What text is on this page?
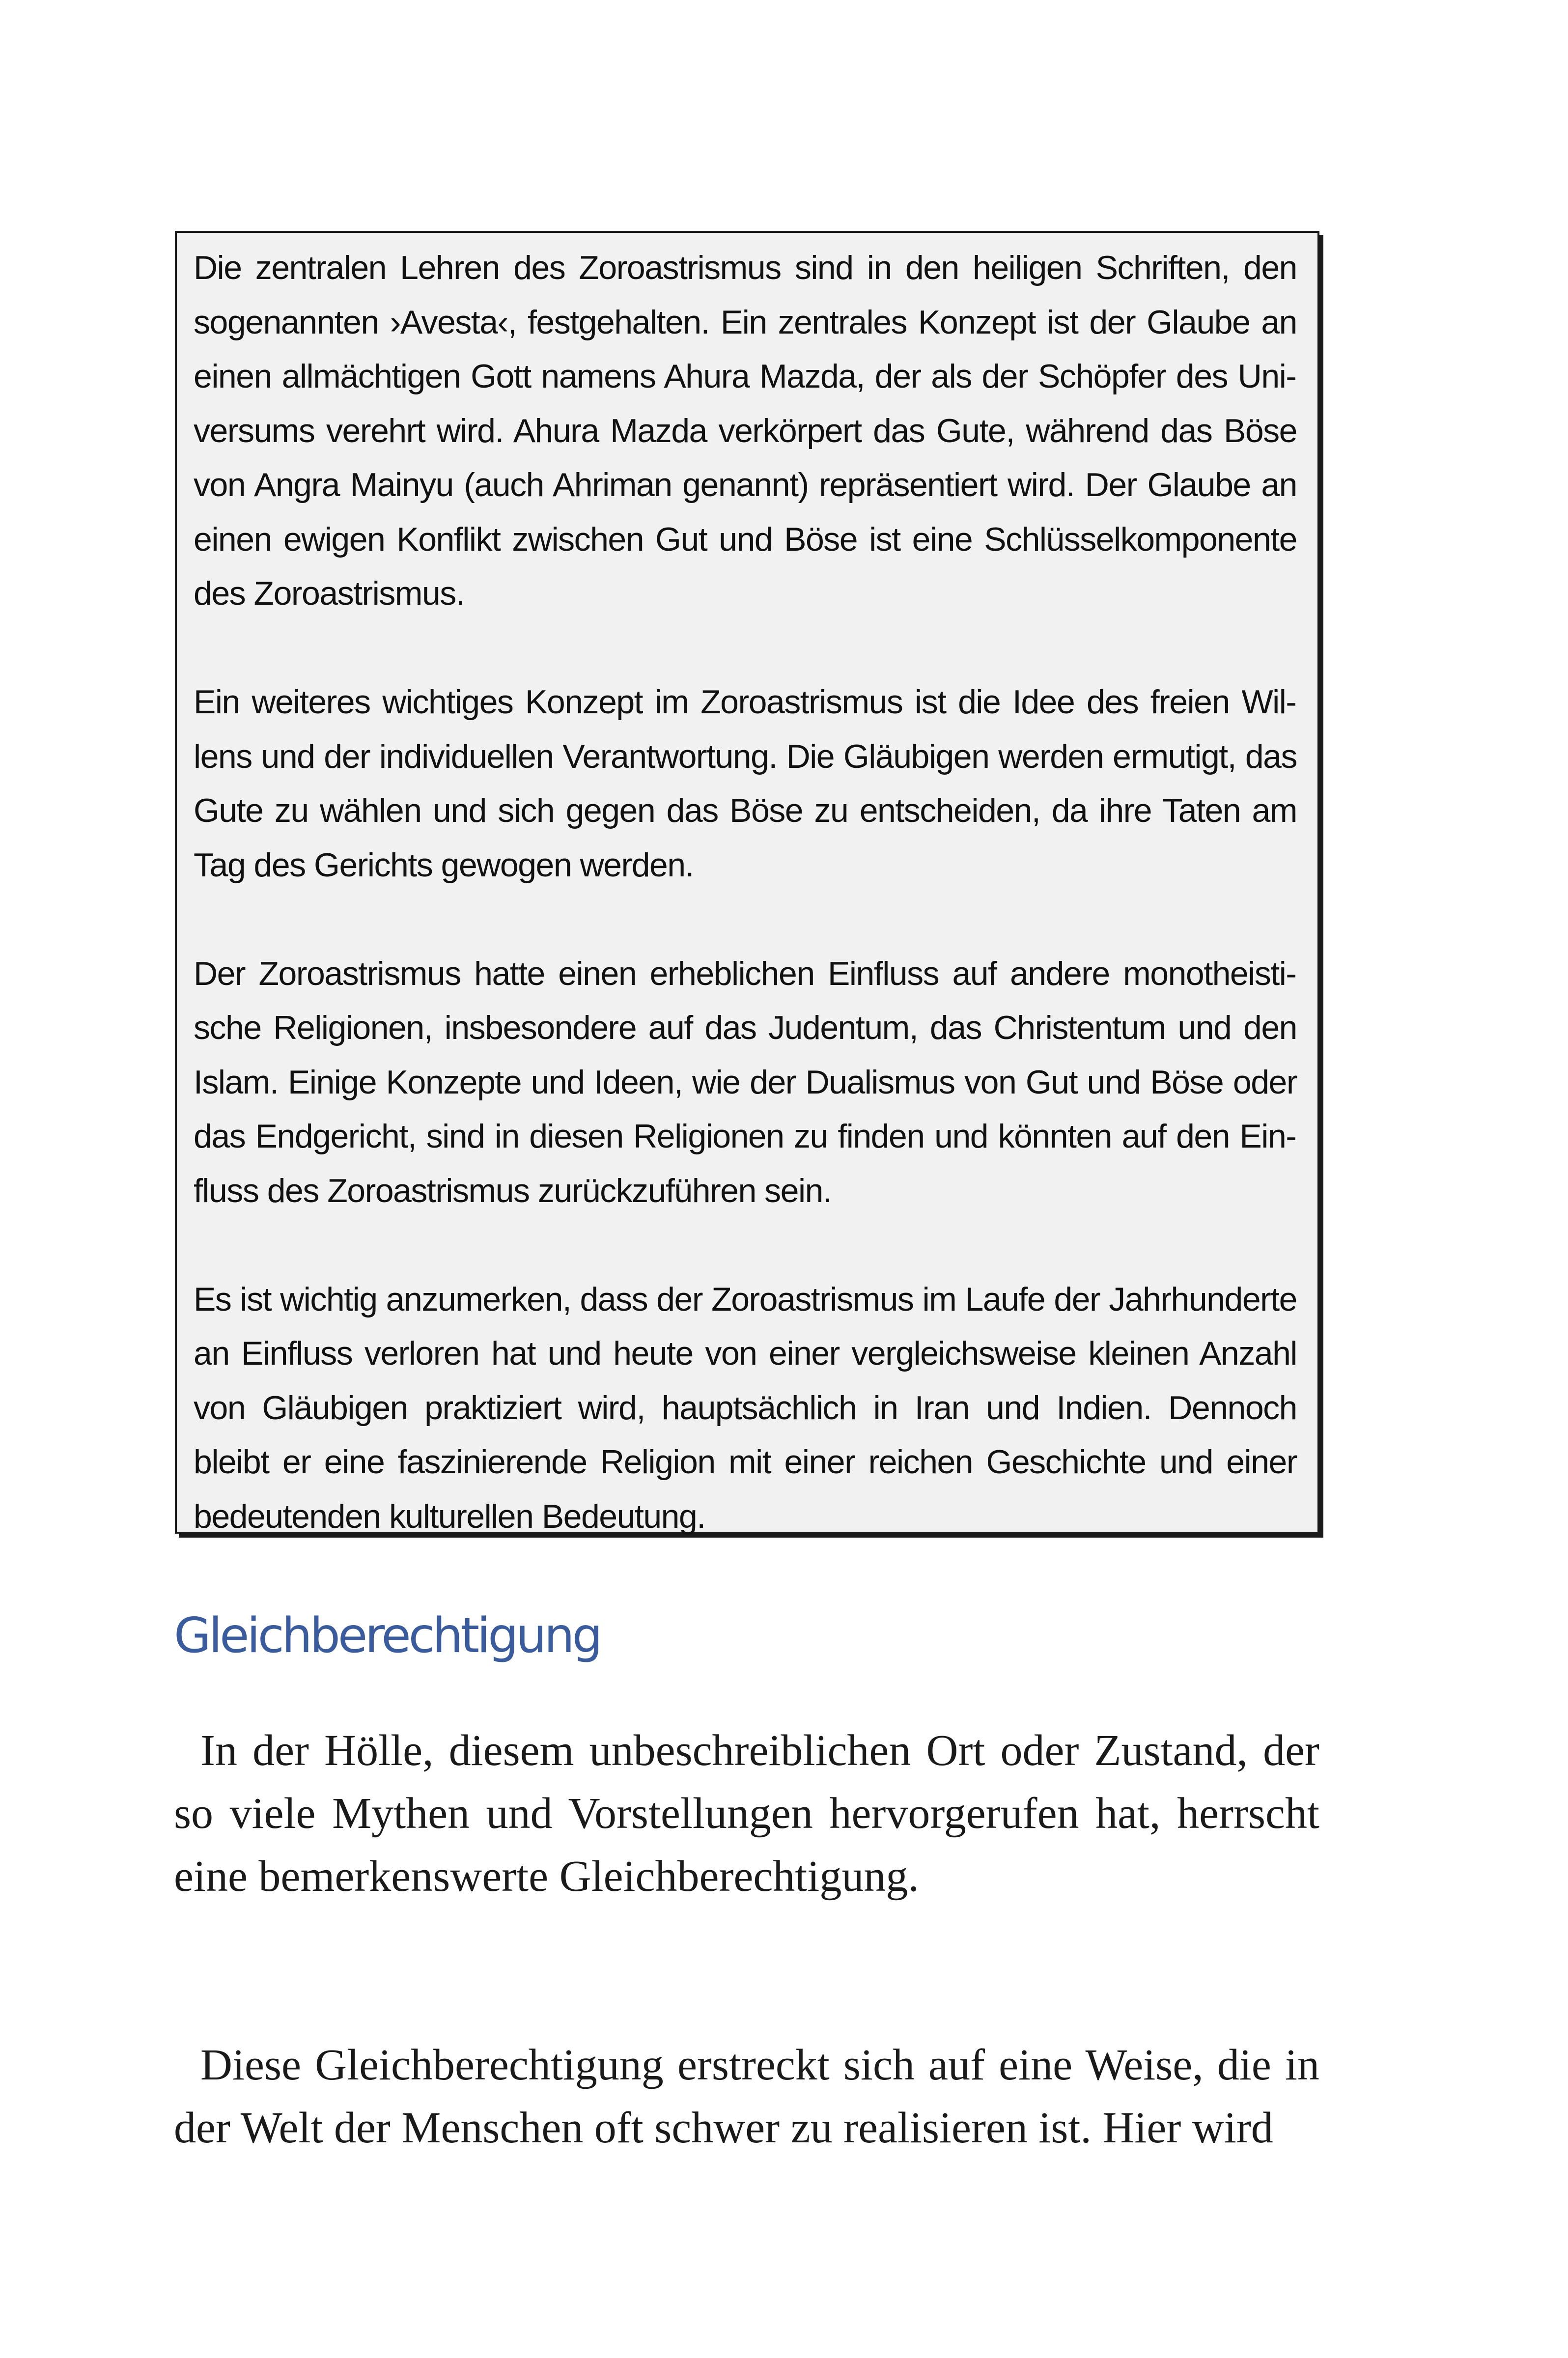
Die zentralen Lehren des Zoroastrismus sind in den heiligen Schriften, den sogenannten ›Avesta‹, festgehalten. Ein zentrales Konzept ist der Glaube an einen allmächtigen Gott namens Ahura Mazda, der als der Schöpfer des Universums verehrt wird. Ahura Mazda verkörpert das Gute, während das Böse von Angra Mainyu (auch Ahriman genannt) repräsentiert wird. Der Glaube an einen ewigen Konflikt zwischen Gut und Böse ist eine Schlüsselkomponente des Zoroastrismus.

Ein weiteres wichtiges Konzept im Zoroastrismus ist die Idee des freien Willens und der individuellen Verantwortung. Die Gläubigen werden ermutigt, das Gute zu wählen und sich gegen das Böse zu entscheiden, da ihre Taten am Tag des Gerichts gewogen werden.

Der Zoroastrismus hatte einen erheblichen Einfluss auf andere monotheistische Religionen, insbesondere auf das Judentum, das Christentum und den Islam. Einige Konzepte und Ideen, wie der Dualismus von Gut und Böse oder das Endgericht, sind in diesen Religionen zu finden und könnten auf den Einfluss des Zoroastrismus zurückzuführen sein.

Es ist wichtig anzumerken, dass der Zoroastrismus im Laufe der Jahrhunderte an Einfluss verloren hat und heute von einer vergleichsweise kleinen Anzahl von Gläubigen praktiziert wird, hauptsächlich in Iran und Indien. Dennoch bleibt er eine faszinierende Religion mit einer reichen Geschichte und einer bedeutenden kulturellen Bedeutung.

Gleichberechtigung

In der Hölle, diesem unbeschreiblichen Ort oder Zustand, der so viele Mythen und Vorstellungen hervorgerufen hat, herrscht eine bemerkenswerte Gleichberechtigung.

Diese Gleichberechtigung erstreckt sich auf eine Weise, die in der Welt der Menschen oft schwer zu realisieren ist. Hier wird
